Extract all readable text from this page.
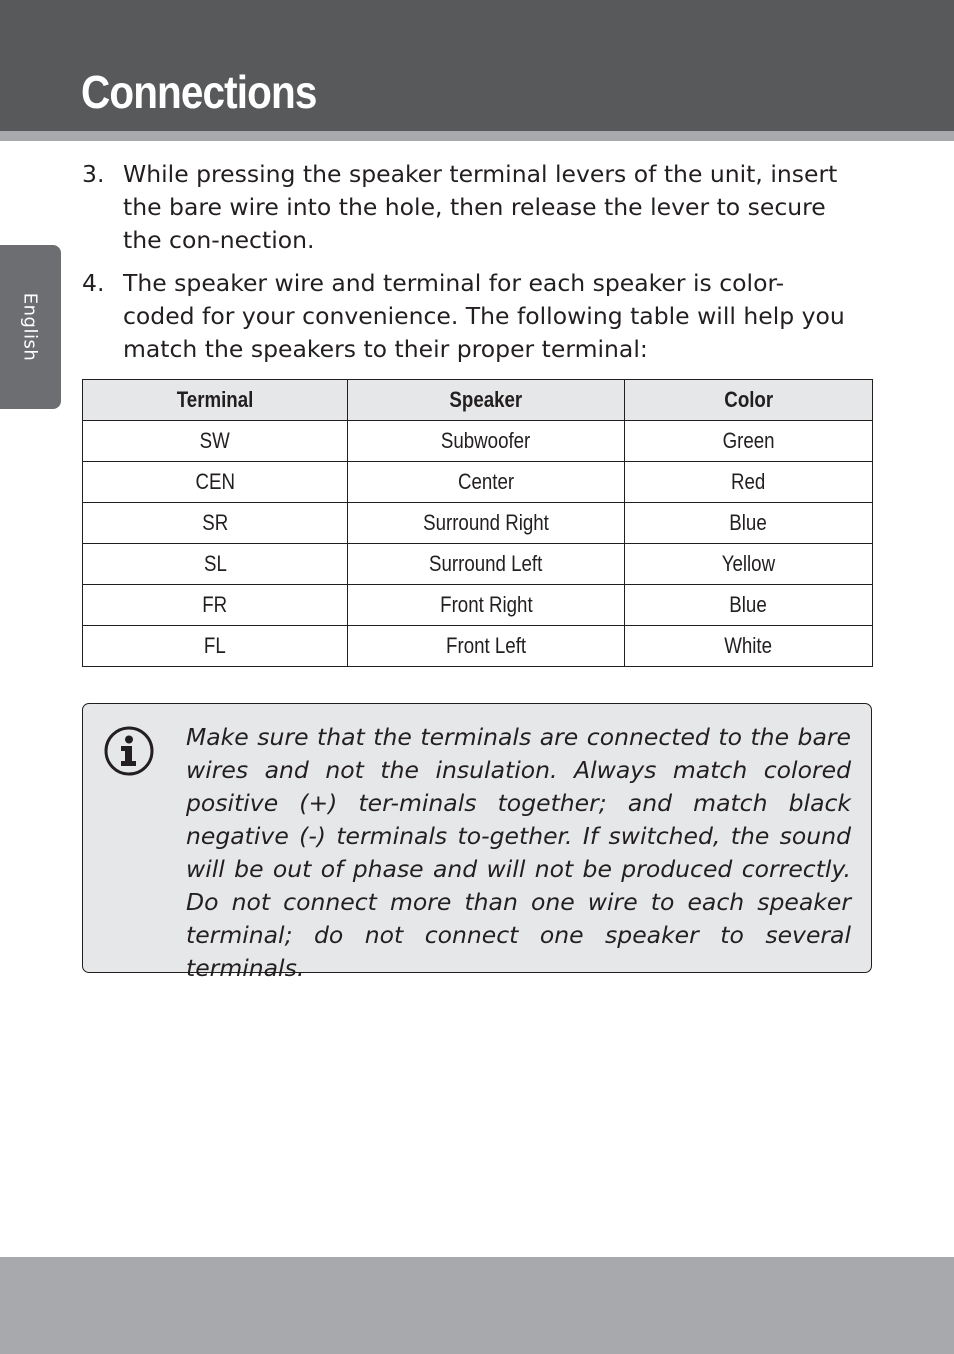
Connections
English
3. While pressing the speaker terminal levers of the unit, insert the bare wire into the hole, then release the lever to secure the con-nection.
4. The speaker wire and terminal for each speaker is color-coded for your convenience. The following table will help you match the speakers to their proper terminal:
Terminal	Speaker	Color
SW	Subwoofer	Green
CEN	Center	Red
SR	Surround Right	Blue
SL	Surround Left	Yellow
FR	Front Right	Blue
FL	Front Left	White

Make sure that the terminals are connected to the bare wires and not the insulation. Always match colored positive (+) ter-minals together; and match black negative (-) terminals to-gether. If switched, the sound will be out of phase and will not be produced correctly. Do not connect more than one wire to each speaker terminal; do not connect one speaker to several terminals.
